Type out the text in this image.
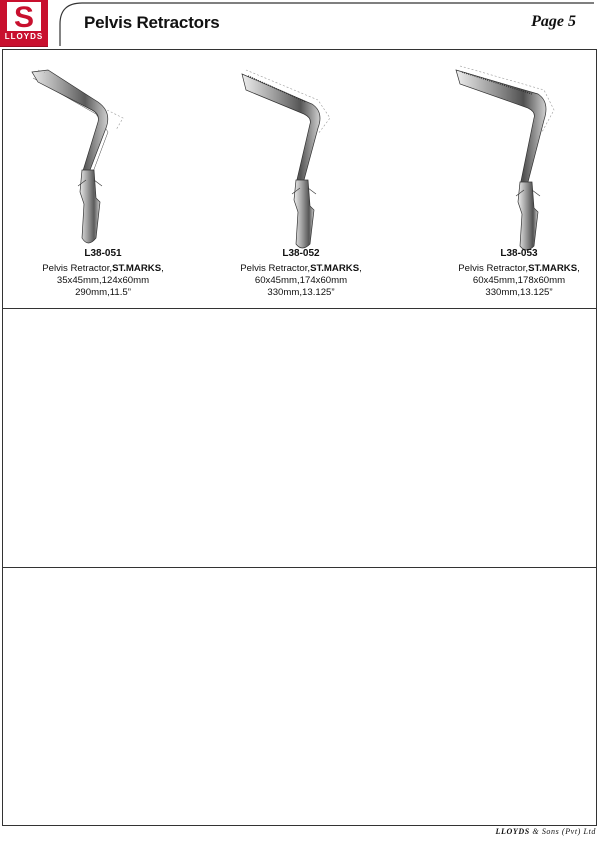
S
LLOYDS
Pelvis Retractors	Page 5
·
L38-051
Pelvis Retractor,ST.MARKS,
35x45mm,124x60mm
290mm,11.5”
L38-052
Pelvis Retractor,ST.MARKS,
60x45mm,174x60mm
330mm,13.125”
L38-053
Pelvis Retractor,ST.MARKS,
60x45mm,178x60mm
330mm,13.125”
LLOYDS & Sons (Pvt) Ltd
